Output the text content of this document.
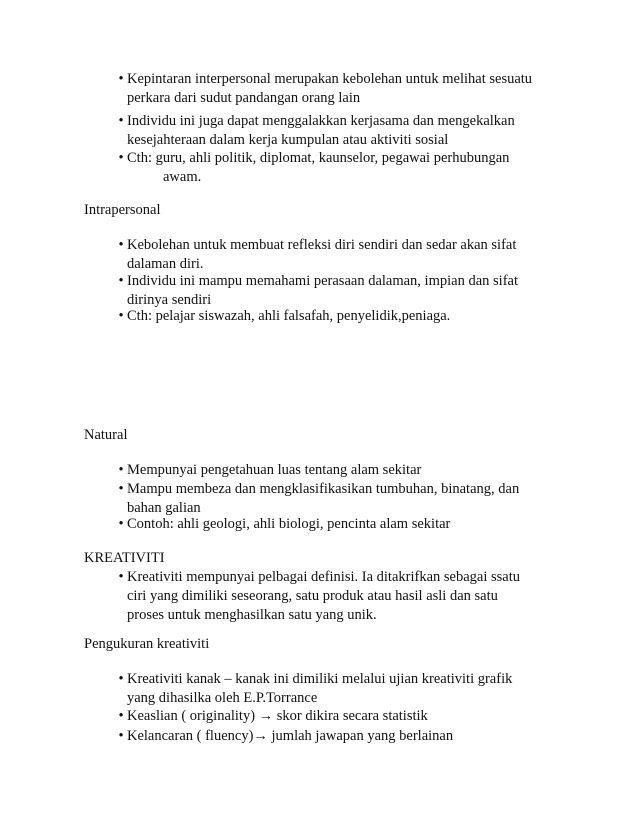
• Kepintaran interpersonal merupakan kebolehan untuk melihat sesuatu
perkara dari sudut pandangan orang lain
• Individu ini juga dapat menggalakkan kerjasama dan mengekalkan
kesejahteraan dalam kerja kumpulan atau aktiviti sosial
• Cth: guru, ahli politik, diplomat, kaunselor, pegawai perhubungan
awam.
Intrapersonal
• Kebolehan untuk membuat refleksi diri sendiri dan sedar akan sifat
dalaman diri.
• Individu ini mampu memahami perasaan dalaman, impian dan sifat
dirinya sendiri
• Cth: pelajar siswazah, ahli falsafah, penyelidik,peniaga.
Natural
• Mempunyai pengetahuan luas tentang alam sekitar
• Mampu membeza dan mengklasifikasikan tumbuhan, binatang, dan
bahan galian
• Contoh: ahli geologi, ahli biologi, pencinta alam sekitar
KREATIVITI
• Kreativiti mempunyai pelbagai definisi. Ia ditakrifkan sebagai ssatu
ciri yang dimiliki seseorang, satu produk atau hasil asli dan satu
proses untuk menghasilkan satu yang unik.
Pengukuran kreativiti
• Kreativiti kanak – kanak ini dimiliki melalui ujian kreativiti grafik
yang dihasilka oleh E.P.Torrance
• Keaslian ( originality) → skor dikira secara statistik
• Kelancaran ( fluency)→ jumlah jawapan yang berlainan
